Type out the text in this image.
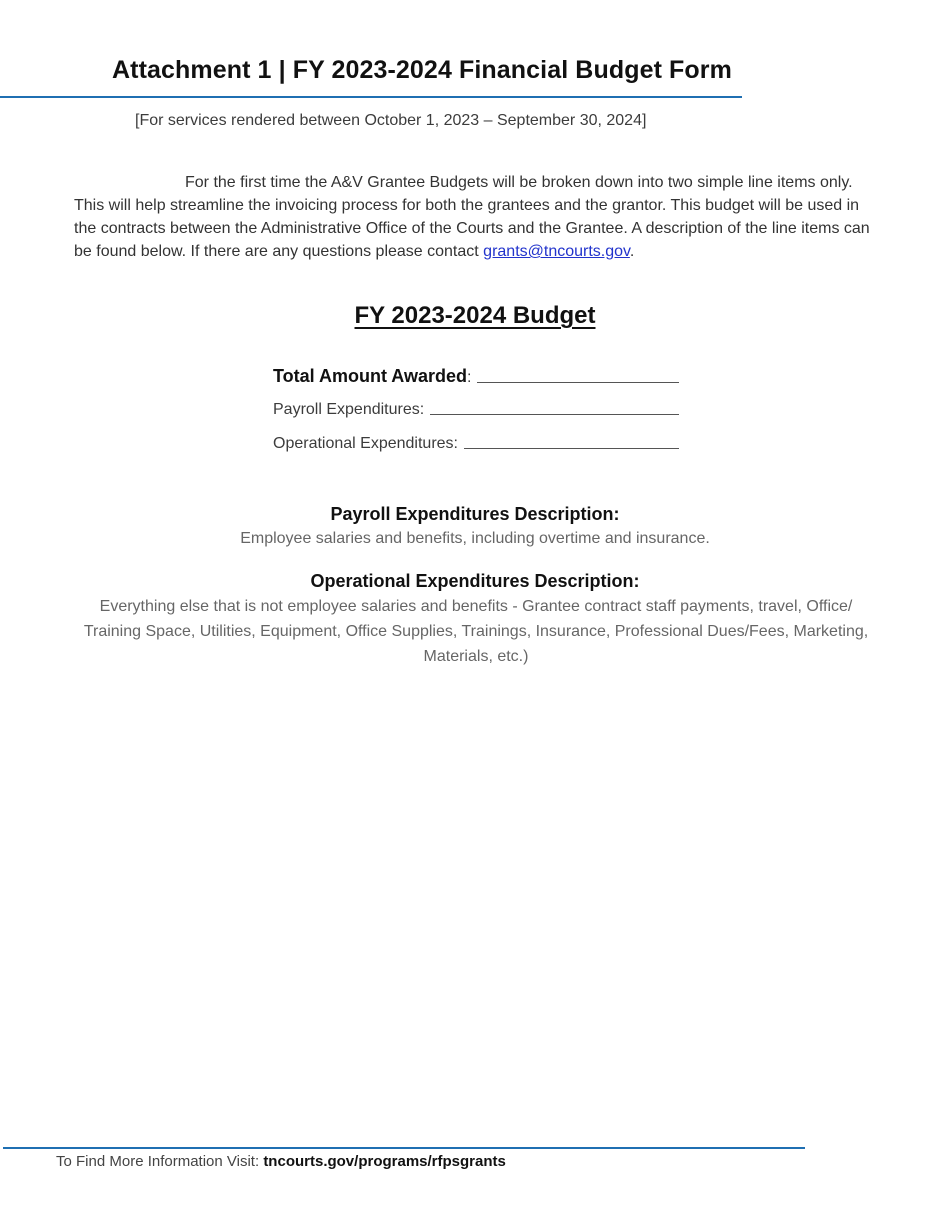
Attachment 1 | FY 2023-2024 Financial Budget Form
[For services rendered between October 1, 2023 – September 30, 2024]

For the first time the A&V Grantee Budgets will be broken down into two simple line items only. This will help streamline the invoicing process for both the grantees and the grantor. This budget will be used in the contracts between the Administrative Office of the Courts and the Grantee. A description of the line items can be found below. If there are any questions please contact grants@tncourts.gov.

FY 2023-2024 Budget
Total Amount Awarded :
Payroll Expenditures:
Operational Expenditures:
Payroll Expenditures Description:

Employee salaries and benefits, including overtime and insurance.

Operational Expenditures Description:

Everything else that is not employee salaries and benefits - Grantee contract staff payments, travel, Office/ Training Space, Utilities, Equipment, Office Supplies, Trainings, Insurance, Professional Dues/Fees, Marketing, Materials, etc.)

To Find More Information Visit: tncourts.gov/programs/rfpsgrants
